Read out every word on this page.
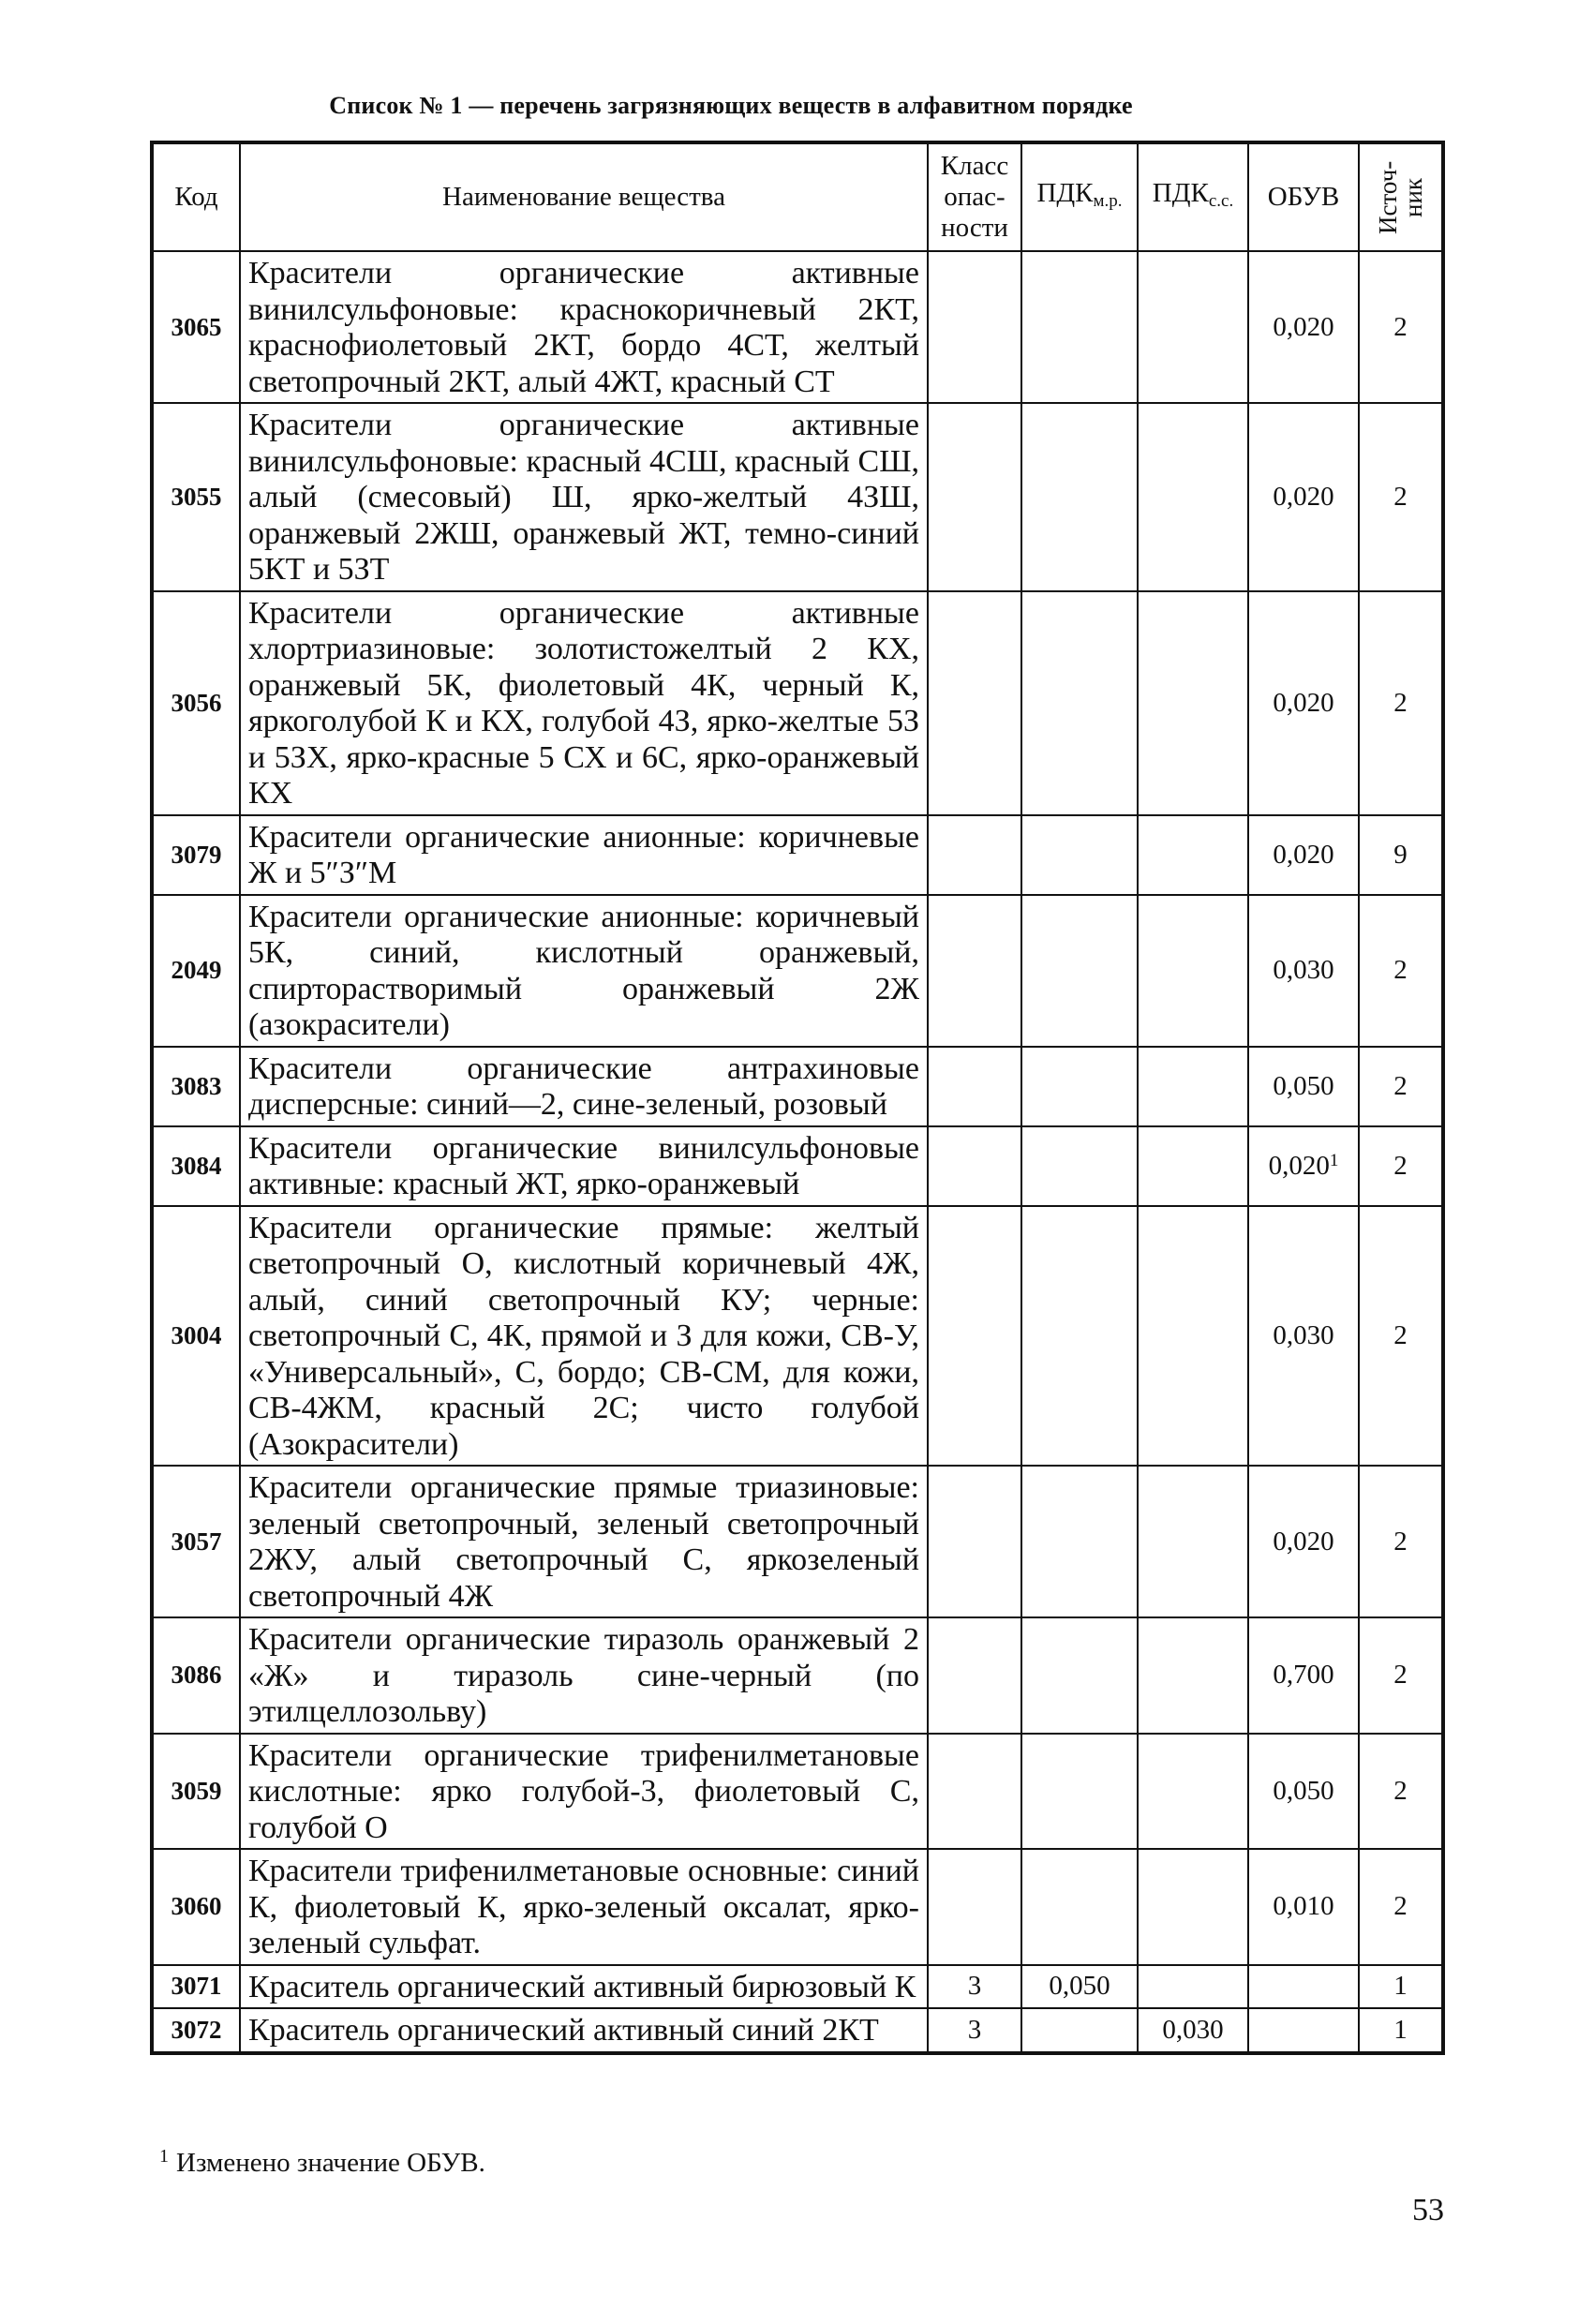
Список № 1 — перечень загрязняющих веществ в алфавитном порядке
Код	Наименование вещества	Класс опас- ности	$ПДК_{м.р.}$	$ПДК_{с.с.}$	ОБУВ	Источ- ник

3065	Красители органические активные винилсульфоновые: краснокоричневый 2КТ, краснофиолетовый 2КТ, бордо 4СТ, желтый светопрочный 2КТ, алый 4ЖТ, красный СТ				0,020	2
3055	Красители органические активные винилсульфоновые: красный 4СШ, красный СШ, алый (смесовый) Ш, ярко-желтый 4ЗШ, оранжевый 2ЖШ, оранжевый ЖТ, темно-синий 5КТ и 5ЗТ				0,020	2
3056	Красители органические активные хлортриазиновые: золотистожелтый 2 КХ, оранжевый 5К, фиолетовый 4К, черный К, яркоголубой К и КХ, голубой 4З, ярко-желтые 5З и 5ЗХ, ярко-красные 5 СХ и 6С, ярко-оранжевый КХ				0,020	2
3079	Красители органические анионные: коричневые Ж и 5″З″М				0,020	9
2049	Красители органические анионные: коричневый 5К, синий, кислотный оранжевый, спирторастворимый оранжевый 2Ж (азокрасители)				0,030	2
3083	Красители органические антрахиновые дисперсные: синий—2, сине-зеленый, розовый				0,050	2
3084	Красители органические винилсульфоновые активные: красный ЖТ, ярко-оранжевый				0,020$^1$	2
3004	Красители органические прямые: желтый светопрочный О, кислотный коричневый 4Ж, алый, синий светопрочный КУ; черные: светопрочный С, 4К, прямой и З для кожи, СВ-У, «Универсальный», С, бордо; СВ-СМ, для кожи, СВ-4ЖМ, красный 2С; чисто голубой (Азокрасители)				0,030	2
3057	Красители органические прямые триазиновые: зеленый светопрочный, зеленый светопрочный 2ЖУ, алый светопрочный С, яркозеленый светопрочный 4Ж				0,020	2
3086	Красители органические тиразоль оранжевый 2 «Ж» и тиразоль сине-черный (по этилцеллозольву)				0,700	2
3059	Красители органические трифенилметановые кислотные: ярко голубой-3, фиолетовый С, голубой О				0,050	2
3060	Красители трифенилметановые основные: синий К, фиолетовый К, ярко-зеленый оксалат, ярко-зеленый сульфат.				0,010	2
3071	Краситель органический активный бирюзовый К	3	0,050			1
3072	Краситель органический активный синий 2КТ	3		0,030		1
$^1$ Изменено значение ОБУВ.
53
